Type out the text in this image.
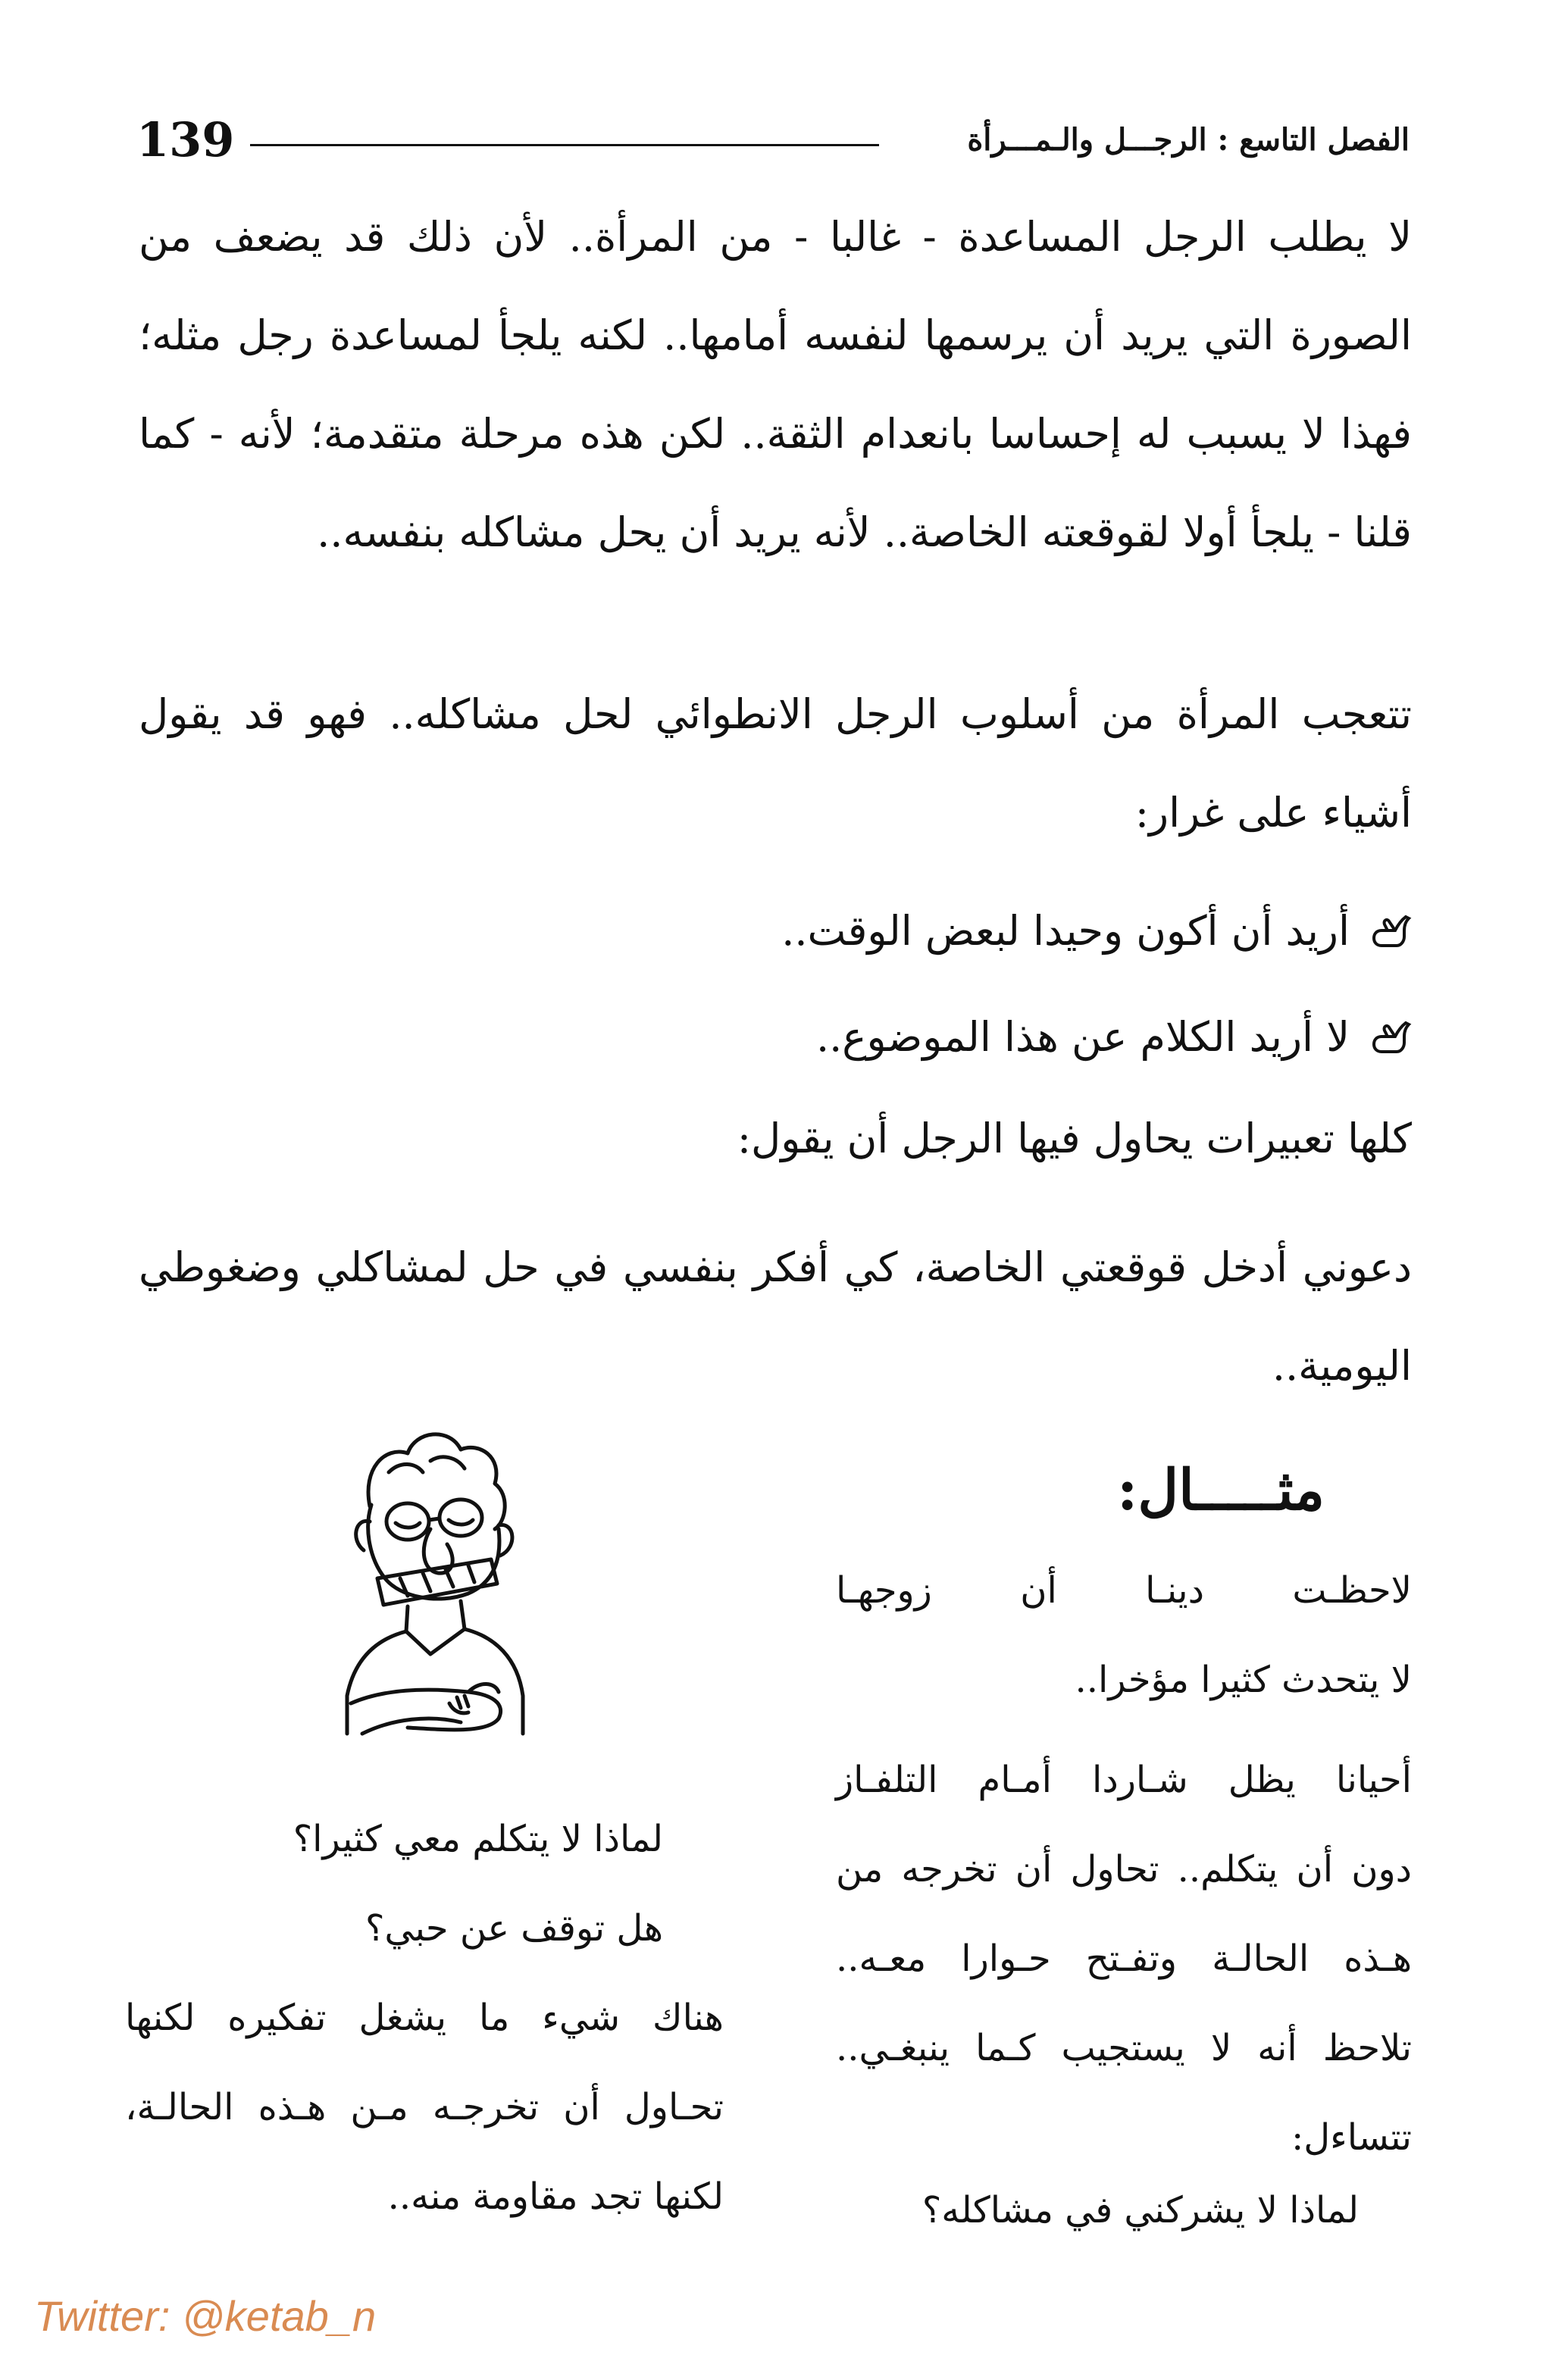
139	الفصل التاسع : الرجـــل والـمـــرأة
لا يطلب الرجل المساعدة - غالبا - من المرأة.. لأن ذلك قد يضعف من الصورة التي يريد أن يرسمها لنفسه أمامها.. لكنه يلجأ لمساعدة رجل مثله؛ فهذا لا يسبب له إحساسا بانعدام الثقة.. لكن هذه مرحلة متقدمة؛ لأنه - كما قلنا - يلجأ أولا لقوقعته الخاصة.. لأنه يريد أن يحل مشاكله بنفسه..
تتعجب المرأة من أسلوب الرجل الانطوائي لحل مشاكله.. فهو قد يقول أشياء على غرار:
أريد أن أكون وحيدا لبعض الوقت..
لا أريد الكلام عن هذا الموضوع..
كلها تعبيرات يحاول فيها الرجل أن يقول:
دعوني أدخل قوقعتي الخاصة، كي أفكر بنفسي في حل لمشاكلي وضغوطي اليومية..
مثـــــال:
لاحظـت دينـا أن زوجهـا
لا يتحدث كثيرا مؤخرا..
أحيانا يظل شـاردا أمـام التلفـاز
دون أن يتكلم.. تحاول أن تخرجه من
هـذه الحالـة وتفـتح حـوارا معـه..
تلاحظ أنه لا يستجيب كـما ينبغـي..
تتساءل:
لماذا لا يشركني في مشاكله؟
لماذا لا يتكلم معي كثيرا؟
هل توقف عن حبي؟
هناك شيء ما يشغل تفكيره لكنها
تحـاول أن تخرجـه مـن هـذه الحالـة،
لكنها تجد مقاومة منه..
Twitter: @ketab_n
